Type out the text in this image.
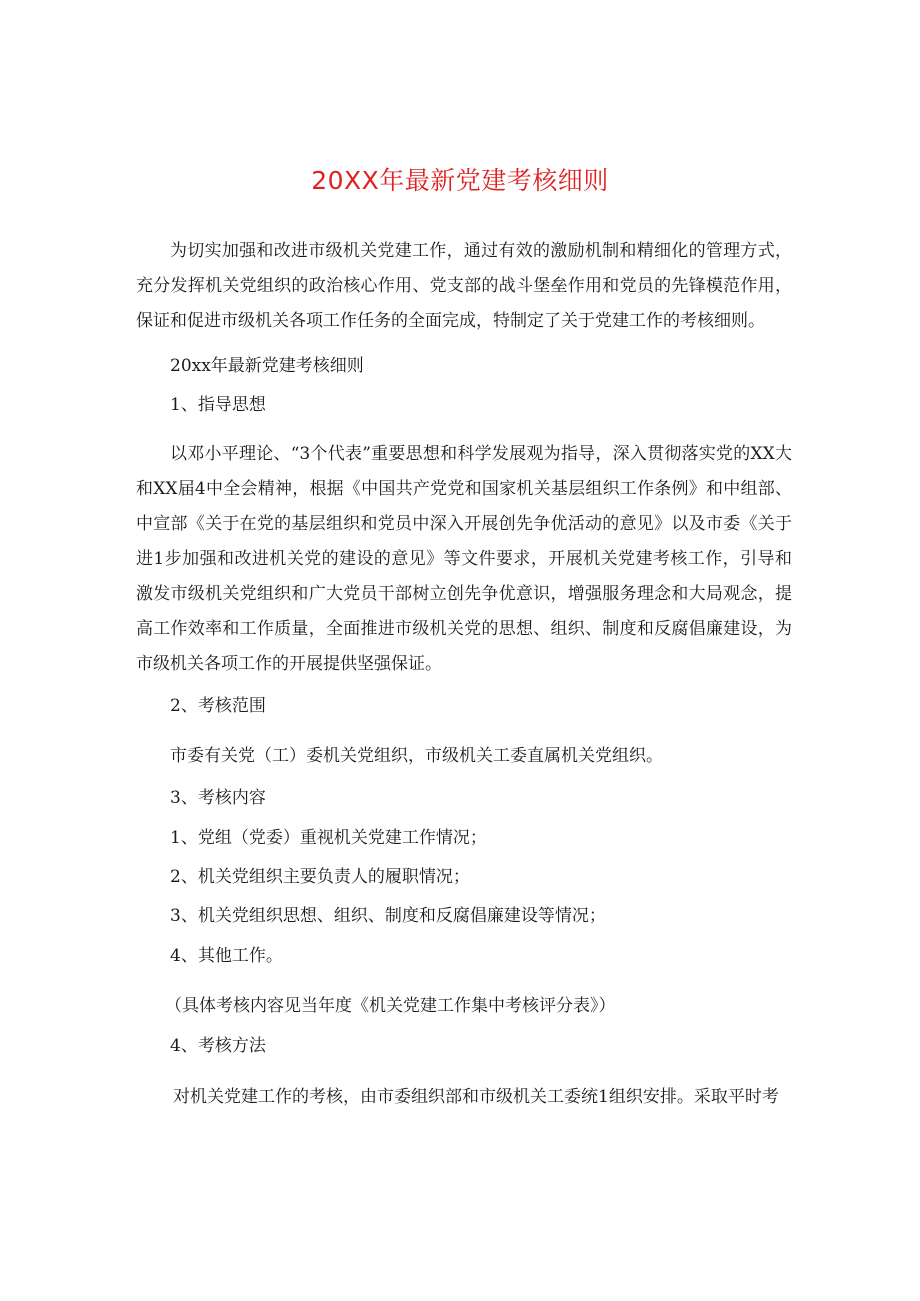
20XX年最新党建考核细则

为切实加强和改进市级机关党建工作，通过有效的激励机制和精细化的管理方式，充分发挥机关党组织的政治核心作用、党支部的战斗堡垒作用和党员的先锋模范作用，保证和促进市级机关各项工作任务的全面完成，特制定了关于党建工作的考核细则。

20xx年最新党建考核细则

1、指导思想

以邓小平理论、“3个代表”重要思想和科学发展观为指导，深入贯彻落实党的XX大和XX届4中全会精神，根据《中国共产党党和国家机关基层组织工作条例》和中组部、中宣部《关于在党的基层组织和党员中深入开展创先争优活动的意见》以及市委《关于进1步加强和改进机关党的建设的意见》等文件要求，开展机关党建考核工作，引导和激发市级机关党组织和广大党员干部树立创先争优意识，增强服务理念和大局观念，提高工作效率和工作质量，全面推进市级机关党的思想、组织、制度和反腐倡廉建设，为市级机关各项工作的开展提供坚强保证。

2、考核范围

市委有关党（工）委机关党组织，市级机关工委直属机关党组织。

3、考核内容

1、党组（党委）重视机关党建工作情况；

2、机关党组织主要负责人的履职情况；

3、机关党组织思想、组织、制度和反腐倡廉建设等情况；

4、其他工作。

（具体考核内容见当年度《机关党建工作集中考核评分表》）

4、考核方法

对机关党建工作的考核，由市委组织部和市级机关工委统1组织安排。采取平时考
